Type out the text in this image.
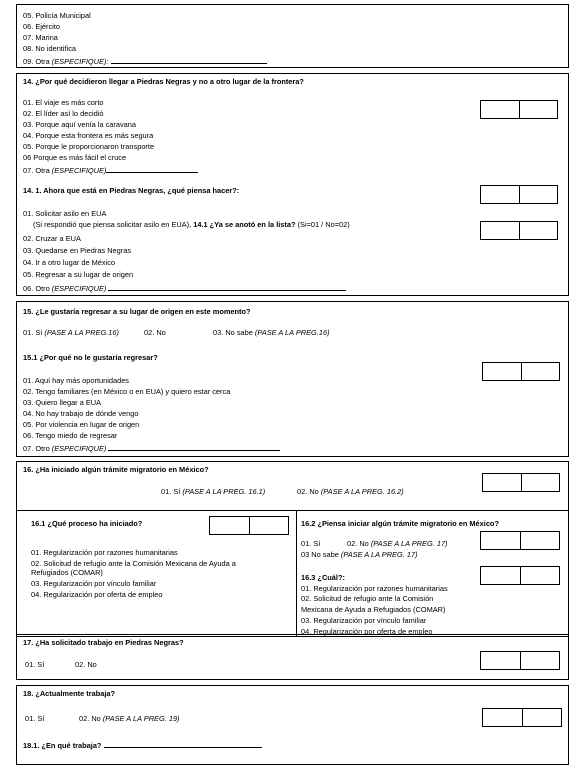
05. Policía Municipal
06. Ejército
07. Marina
08. No identifica
09. Otra (ESPECIFIQUE):
14. ¿Por qué decidieron llegar a Piedras Negras y no a otro lugar de la frontera?
01. El viaje es más corto
02. El líder así lo decidió
03. Porque aquí venía la caravana
04. Porque esta frontera es más segura
05. Porque le proporcionaron transporte
06 Porque es más fácil el cruce
07. Otra (ESPECIFIQUE)
14. 1. Ahora que está en Piedras Negras, ¿qué piensa hacer?:
01. Solicitar asilo en EUA
(Si respondió que piensa solicitar asilo en EUA), 14.1 ¿Ya se anotó en la lista? (Si=01 / No=02)
02. Cruzar a EUA
03. Quedarse en Piedras Negras
04. Ir a otro lugar de México
05. Regresar a su lugar de origen
06. Otro (ESPECIFIQUE)
15. ¿Le gustaría regresar a su lugar de origen en este momento?
01. Sí (PASE A LA PREG.16)	02. No	03. No sabe (PASE A LA PREG.16)
15.1 ¿Por qué no le gustaría regresar?
01. Aquí hay más oportunidades
02. Tengo familiares (en México o en EUA) y quiero estar cerca
03. Quiero llegar a EUA
04. No hay trabajo de dónde vengo
05. Por violencia en lugar de origen
06. Tengo miedo de regresar
07. Otro (ESPECIFIQUE)
16. ¿Ha iniciado algún trámite migratorio en México?
01. Sí (PASE A LA PREG. 16.1)	02. No (PASE A LA PREG. 16.2)
16.1 ¿Qué proceso ha iniciado?
01. Regularización por razones humanitarias
02. Solicitud de refugio ante la Comisión Mexicana de Ayuda a
Refugiados (COMAR)
03. Regularización por vínculo familiar
04. Regularización por oferta de empleo
16.2 ¿Piensa iniciar algún trámite migratorio en México?
01. Sí	02. No (PASE A LA PREG. 17)
03 No sabe (PASE A LA PREG. 17)
16.3 ¿Cuál?:
01. Regularización por razones humanitarias
02. Solicitud de refugio ante la Comisión
Mexicana de Ayuda a Refugiados (COMAR)
03. Regularización por vínculo familiar
04. Regularización por oferta de empleo
17. ¿Ha solicitado trabajo en Piedras Negras?
01. Sí	02. No
18. ¿Actualmente trabaja?
01. Sí	02. No (PASE A LA PREG. 19)
18.1. ¿En qué trabaja?
